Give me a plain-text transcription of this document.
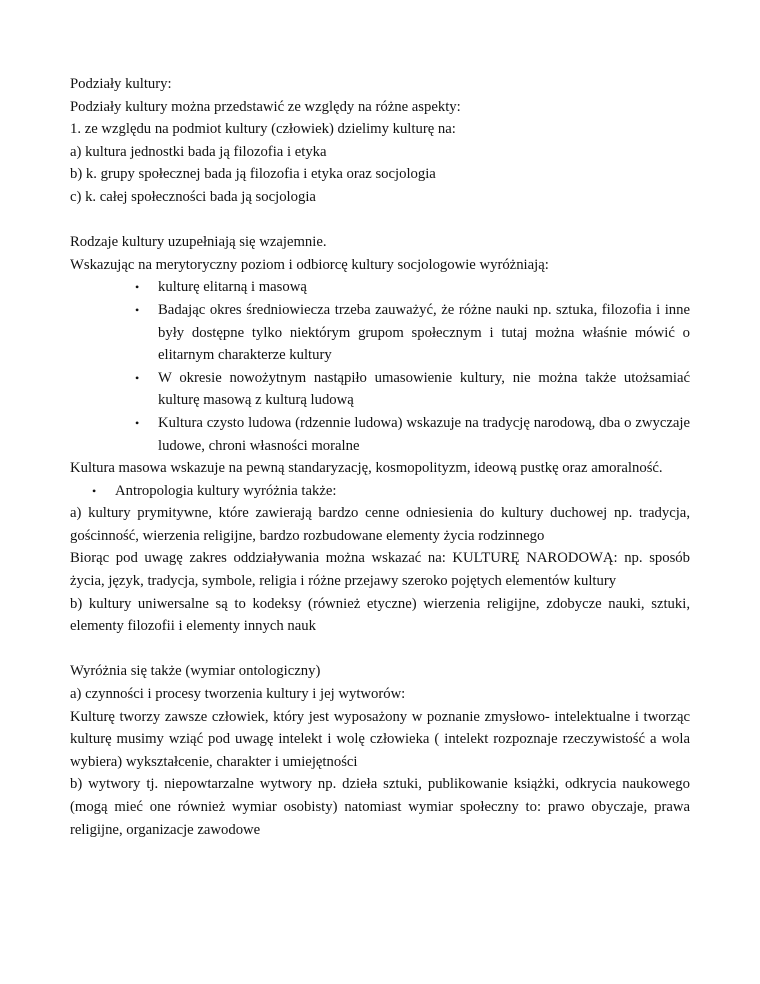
Podziały kultury:

Podziały kultury można przedstawić ze względy na różne aspekty:

1. ze względu na podmiot kultury (człowiek) dzielimy kulturę na:

a) kultura jednostki bada ją filozofia i etyka

b) k. grupy społecznej bada ją filozofia i etyka oraz socjologia

c) k. całej społeczności bada ją socjologia

Rodzaje kultury uzupełniają się wzajemnie.

Wskazując na merytoryczny poziom i odbiorcę kultury socjologowie wyróżniają:

• kulturę elitarną i masową
• Badając okres średniowiecza trzeba zauważyć, że różne nauki np. sztuka, filozofia i inne były dostępne tylko niektórym grupom społecznym i tutaj można właśnie mówić o elitarnym charakterze kultury
• W okresie nowożytnym nastąpiło umasowienie kultury, nie można także utożsamiać kulturę masową z kulturą ludową
• Kultura czysto ludowa (rdzennie ludowa) wskazuje na tradycję narodową, dba o zwyczaje ludowe, chroni własności moralne

Kultura masowa wskazuje na pewną standaryzację, kosmopolityzm, ideową pustkę oraz amoralność.

• Antropologia kultury wyróżnia także:

a) kultury prymitywne, które zawierają bardzo cenne odniesienia do kultury duchowej np. tradycja, gościnność, wierzenia religijne, bardzo rozbudowane elementy życia rodzinnego

Biorąc pod uwagę zakres oddziaływania można wskazać na: KULTURĘ NARODOWĄ: np. sposób życia, język, tradycja, symbole, religia i różne przejawy szeroko pojętych elementów kultury

b) kultury uniwersalne są to kodeksy (również etyczne) wierzenia religijne, zdobycze nauki, sztuki, elementy filozofii i elementy innych nauk

Wyróżnia się także (wymiar ontologiczny)

a) czynności i procesy tworzenia kultury i jej wytworów:

Kulturę tworzy zawsze człowiek, który jest wyposażony w poznanie zmysłowo- intelektualne i tworząc kulturę musimy wziąć pod uwagę intelekt i wolę człowieka ( intelekt rozpoznaje rzeczywistość a wola wybiera) wykształcenie, charakter i umiejętności

b) wytwory tj. niepowtarzalne wytwory np. dzieła sztuki, publikowanie książki, odkrycia naukowego (mogą mieć one również wymiar osobisty) natomiast wymiar społeczny to: prawo obyczaje, prawa religijne, organizacje zawodowe
